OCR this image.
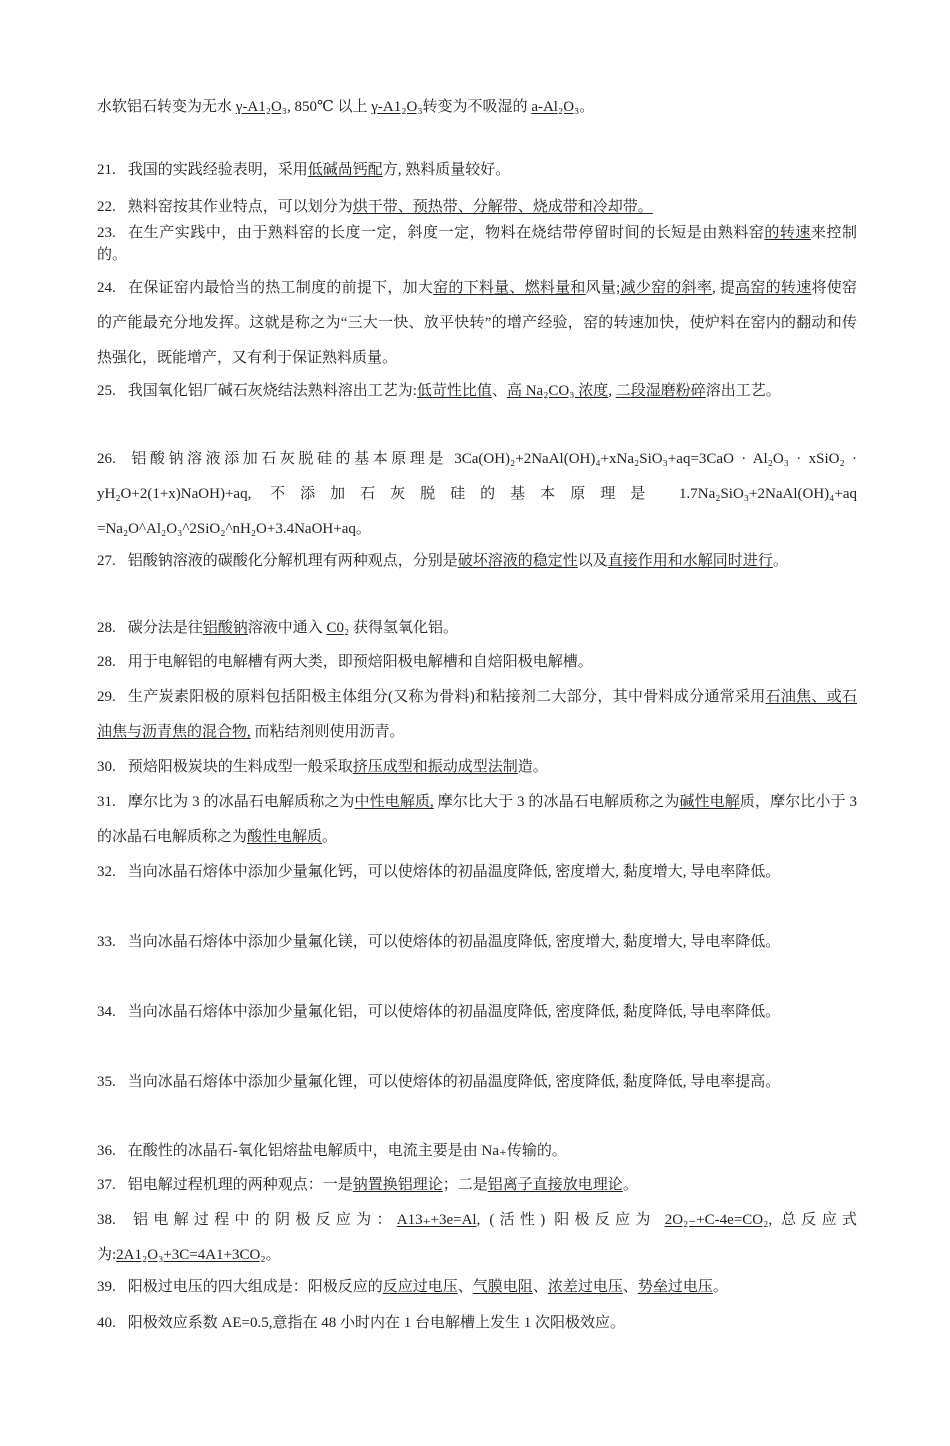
水软铝石转变为无水 γ-A1₂O₃, 850℃ 以上 γ-A1₂O₃转变为不吸湿的 a-Al₂O₃。
21. 我国的实践经验表明，采用低碱咼钙配方, 熟料质量较好。
22. 熟料窑按其作业特点，可以划分为烘干带、预热带、分解带、烧成带和冷却带。
23. 在生产实践中，由于熟料窑的长度一定，斜度一定，物料在烧结带停留时间的长短是由熟料窑的转速来控制的。
24. 在保证窑内最恰当的热工制度的前提下，加大窑的下料量、燃料量和风量;减少窑的斜率, 提高窑的转速将使窑的产能最充分地发挥。这就是称之为“三大一快、放平快转”的增产经验，窑的转速加快，使炉料在窑内的翻动和传热强化，既能增产，又有利于保证熟料质量。
25. 我国氧化铝厂碱石灰烧结法熟料溶出工艺为:低苛性比值、高 Na₂CO₃ 浓度, 二段湿磨粉碎溶出工艺。
26. 铝酸钠溶液添加石灰脱硅的基本原理是 3Ca(OH)₂+2NaAl(OH)₄+xNa₂SiO₃+aq=3CaO · Al₂O₃ · xSiO₂ · yH₂O+2(1+x)NaOH)+aq, 不添加石灰脱硅的基本原理是 1.7Na₂SiO₃+2NaAl(OH)₄+aq =Na₂O^Al₂O₃^2SiO₂^nH₂O+3.4NaOH+aq。
27. 铝酸钠溶液的碳酸化分解机理有两种观点，分别是破坏溶液的稳定性以及直接作用和水解同时进行。
28. 碳分法是往铝酸钠溶液中通入 C0₂ 获得氢氧化铝。
28. 用于电解铝的电解槽有两大类，即预焙阳极电解槽和自焙阳极电解槽。
29. 生产炭素阳极的原料包括阳极主体组分(又称为骨料)和粘接剂二大部分，其中骨料成分通常采用石油焦、或石油焦与沥青焦的混合物, 而粘结剂则使用沥青。
30. 预焙阳极炭块的生料成型一般采取挤压成型和振动成型法制造。
31. 摩尔比为 3 的冰晶石电解质称之为中性电解质, 摩尔比大于 3 的冰晶石电解质称之为碱性电解质，摩尔比小于 3 的冰晶石电解质称之为酸性电解质。
32. 当向冰晶石熔体中添加少量氟化钙，可以使熔体的初晶温度降低, 密度增大, 黏度增大, 导电率降低。
33. 当向冰晶石熔体中添加少量氟化镁，可以使熔体的初晶温度降低, 密度增大, 黏度增大, 导电率降低。
34. 当向冰晶石熔体中添加少量氟化铝，可以使熔体的初晶温度降低, 密度降低, 黏度降低, 导电率降低。
35. 当向冰晶石熔体中添加少量氟化锂，可以使熔体的初晶温度降低, 密度降低, 黏度降低, 导电率提高。
36. 在酸性的冰晶石-氧化铝熔盐电解质中，电流主要是由 Na₊传输的。
37. 铝电解过程机理的两种观点：一是钠置换铝理论；二是铝离子直接放电理论。
38. 铝电解过程中的阴极反应为：A13₊+3e=Al, (活性) 阳极反应为 2O₂₋+C-4e=CO₂, 总反应式为:2A1₂O₃+3C=4A1+3CO₂。
39. 阳极过电压的四大组成是：阳极反应的反应过电压、气膜电阻、浓差过电压、势垒过电压。
40. 阳极效应系数 AE=0.5,意指在 48 小时内在 1 台电解槽上发生 1 次阳极效应。
